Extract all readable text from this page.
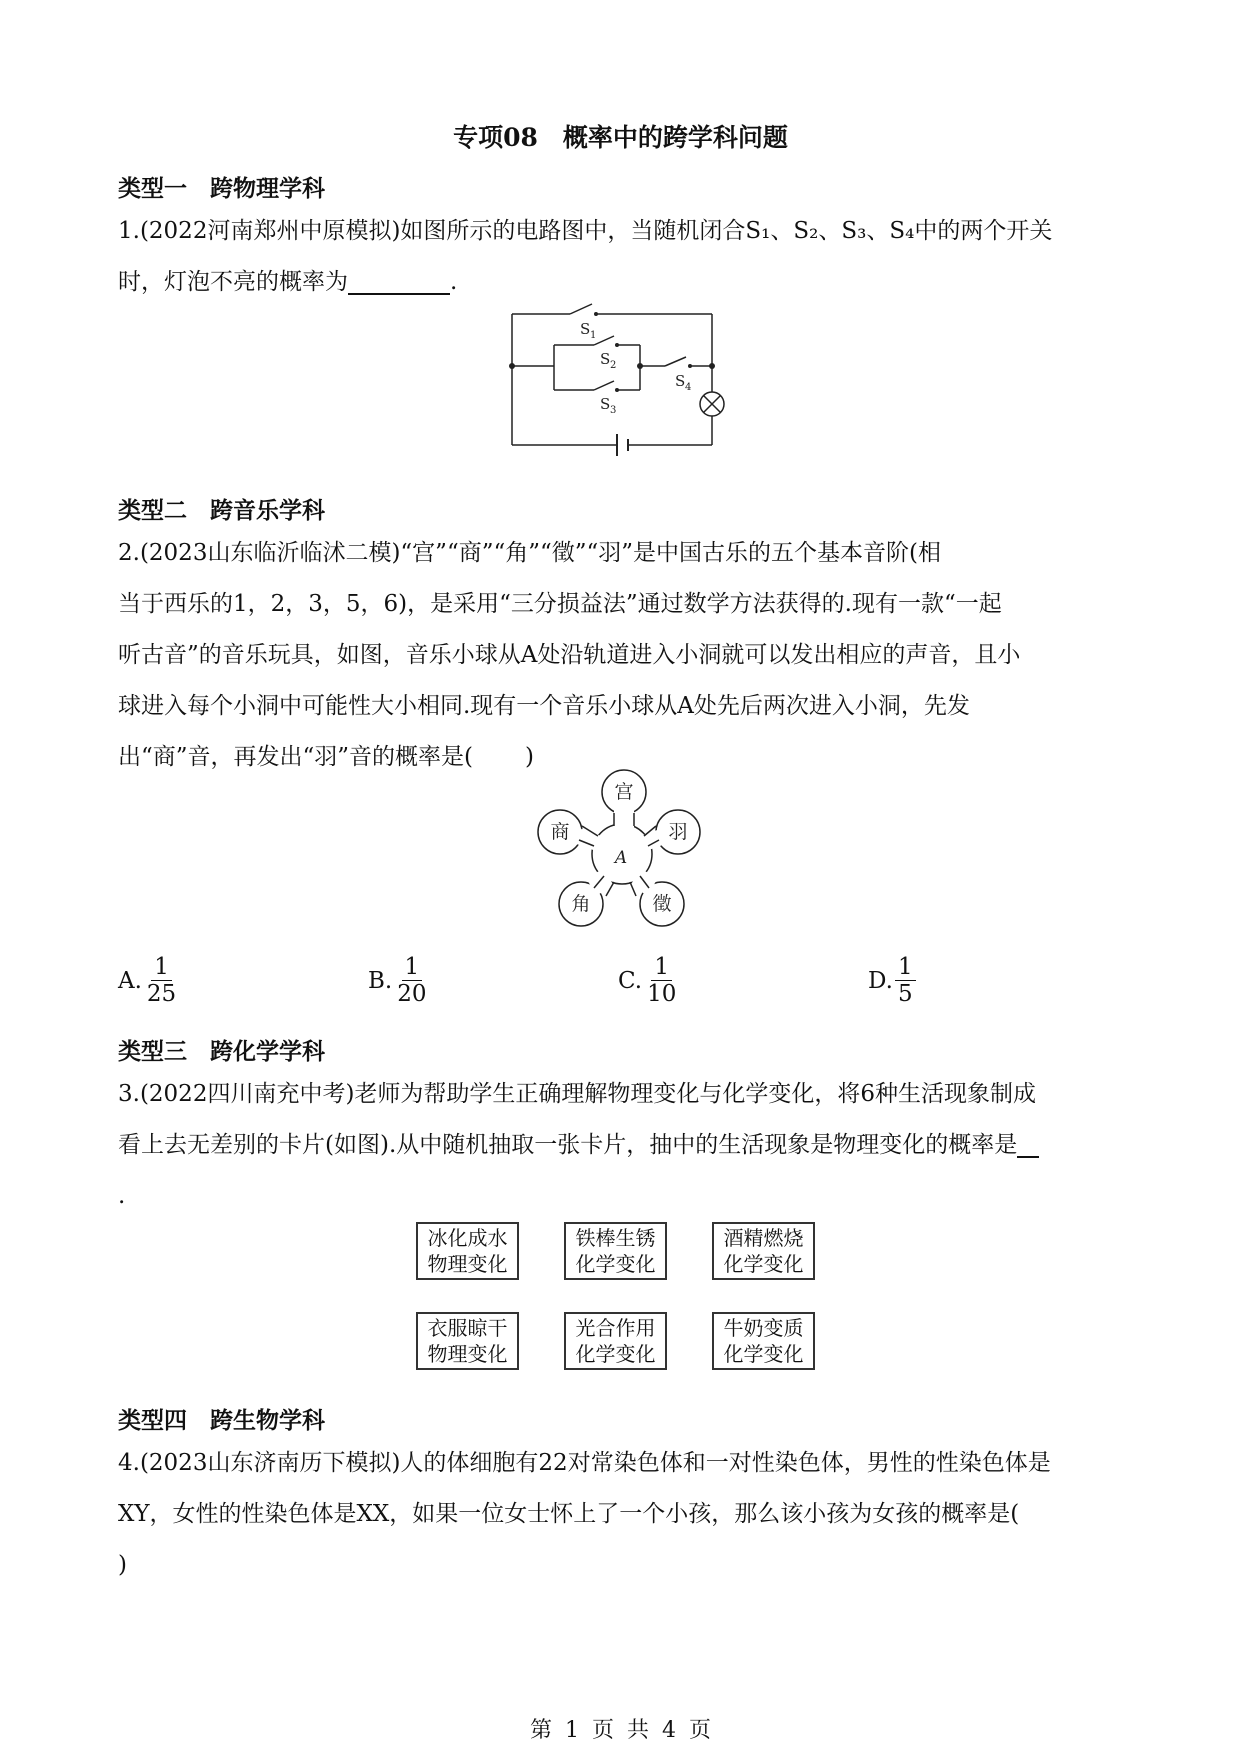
专项08　概率中的跨学科问题
类型一　跨物理学科
1.(2022河南郑州中原模拟)如图所示的电路图中，当随机闭合S₁、S₂、S₃、S₄中的两个开关
时，灯泡不亮的概率为	.
S 1
S 2
S 3
S 4
类型二　跨音乐学科
2.(2023山东临沂临沭二模)“宫”“商”“角”“徵”“羽”是中国古乐的五个基本音阶(相
当于西乐的1，2，3，5，6)，是采用“三分损益法”通过数学方法获得的.现有一款“一起
听古音”的音乐玩具，如图，音乐小球从A处沿轨道进入小洞就可以发出相应的声音，且小
球进入每个小洞中可能性大小相同.现有一个音乐小球从A处先后两次进入小洞，先发
出“商”音，再发出“羽”音的概率是( )
宫
商
角	徵
羽
A
A. $\frac{1}{25}$	B. $\frac{1}{20}$	C. $\frac{1}{10}$	D. $\frac{1}{5}$
类型三　跨化学学科
3.(2022四川南充中考)老师为帮助学生正确理解物理变化与化学变化，将6种生活现象制成
看上去无差别的卡片(如图).从中随机抽取一张卡片，抽中的生活现象是物理变化的概率是
.
冰化成水
物理变化
铁棒生锈
化学变化
酒精燃烧
化学变化
衣服晾干
物理变化
光合作用
化学变化
牛奶变质
化学变化
类型四　跨生物学科
4.(2023山东济南历下模拟)人的体细胞有22对常染色体和一对性染色体，男性的性染色体是
XY，女性的性染色体是XX，如果一位女士怀上了一个小孩，那么该小孩为女孩的概率是(
)
第 1 页 共 4 页
